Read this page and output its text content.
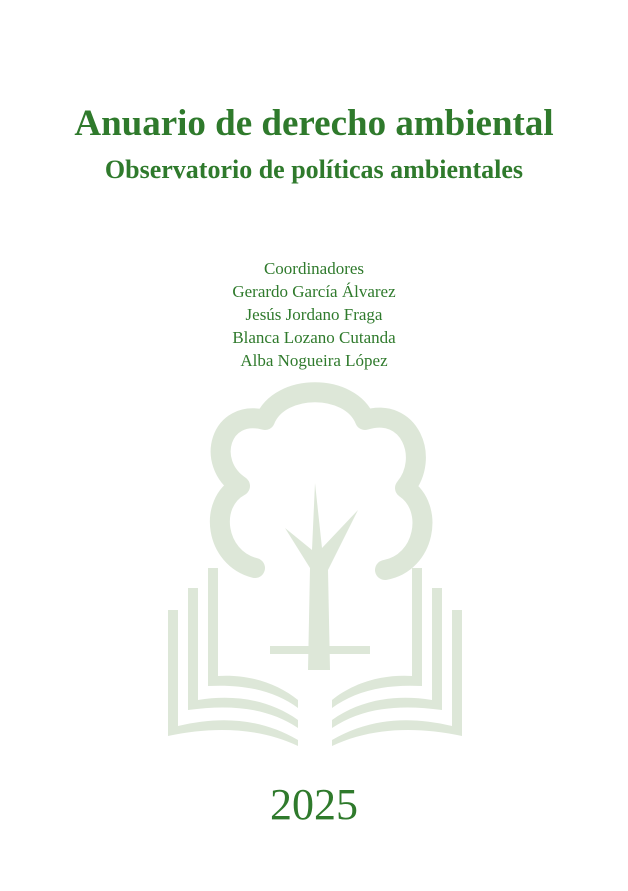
Anuario de derecho ambiental
Observatorio de políticas ambientales
Coordinadores
Gerardo García Álvarez
Jesús Jordano Fraga
Blanca Lozano Cutanda
Alba Nogueira López
2025
